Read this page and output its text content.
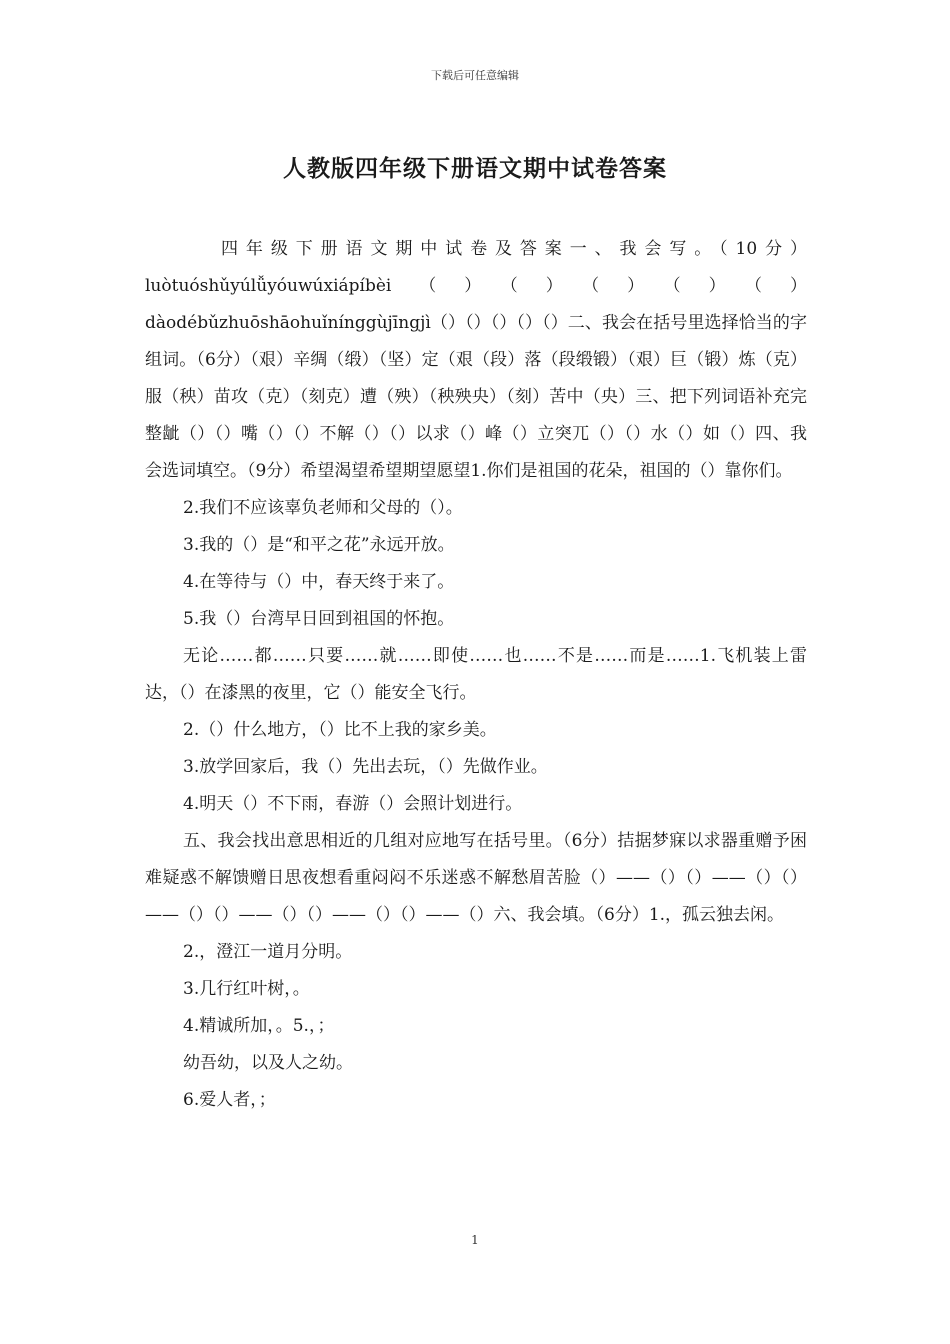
下载后可任意编辑
人教版四年级下册语文期中试卷答案

四年级下册语文期中试卷及答案一、我会写。（10分）luòtuóshǔyúlǚyóuwúxiápíbèi（）（）（）（）（）dàodébǔzhuōshāohuǐnínggùjīngjì（）（）（）（）（）二、我会在括号里选择恰当的字组词。（6分）（艰）辛绸（缎）（坚）定（艰（段）落（段缎锻）（艰）巨（锻）炼（克）服（秧）苗攻（克）（刻克）遭（殃）（秧殃央）（刻）苦中（央）三、把下列词语补充完整龇（）（）嘴（）（）不解（）（）以求（）峰（）立突兀（）（）水（）如（）四、我会选词填空。（9分）希望渴望希望期望愿望1.你们是祖国的花朵，祖国的（）靠你们。

2.我们不应该辜负老师和父母的（）。

3.我的（）是“和平之花”永远开放。

4.在等待与（）中，春天终于来了。

5.我（）台湾早日回到祖国的怀抱。

无论……都……只要……就……即使……也……不是……而是……1.飞机装上雷达，（）在漆黑的夜里，它（）能安全飞行。

2.（）什么地方，（）比不上我的家乡美。

3.放学回家后，我（）先出去玩，（）先做作业。

4.明天（）不下雨，春游（）会照计划进行。

五、我会找出意思相近的几组对应地写在括号里。（6分）拮据梦寐以求器重赠予困难疑惑不解馈赠日思夜想看重闷闷不乐迷惑不解愁眉苦脸（）——（）（）——（）（）——（）（）——（）（）——（）（）——（）六、我会填。（6分）1.，孤云独去闲。

2.，澄江一道月分明。

3.几行红叶树，。

4.精诚所加，。5.，；

幼吾幼，以及人之幼。

6.爱人者，；

1
